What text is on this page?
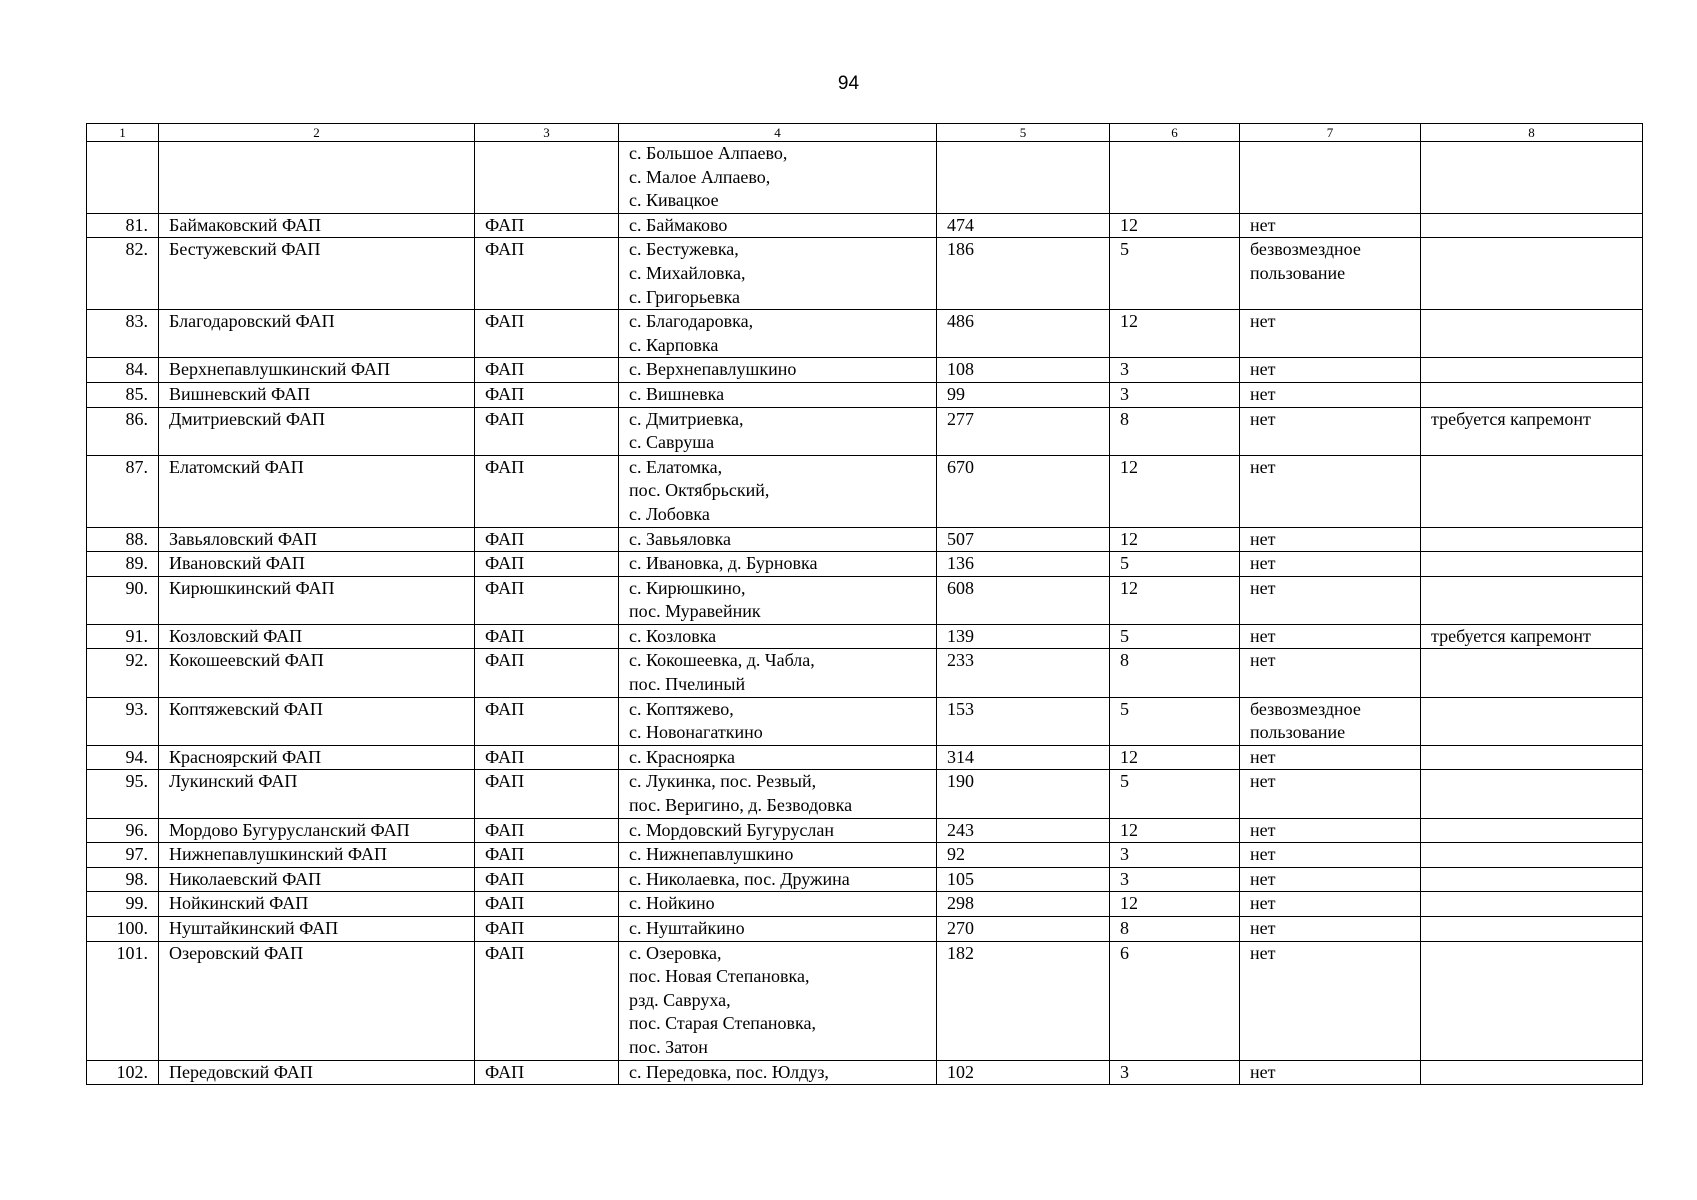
94
1	2	3	4	5	6	7	8
			с. Большое Алпаево,
с. Малое Алпаево,
с. Кивацкое				
81.	Баймаковский ФАП	ФАП	с. Баймаково	474	12	нет	
82.	Бестужевский ФАП	ФАП	с. Бестужевка,
с. Михайловка,
с. Григорьевка	186	5	безвозмездное
пользование	
83.	Благодаровский ФАП	ФАП	с. Благодаровка,
с. Карповка	486	12	нет	
84.	Верхнепавлушкинский ФАП	ФАП	с. Верхнепавлушкино	108	3	нет	
85.	Вишневский ФАП	ФАП	с. Вишневка	99	3	нет	
86.	Дмитриевский ФАП	ФАП	с. Дмитриевка,
с. Савруша	277	8	нет	требуется капремонт
87.	Елатомский ФАП	ФАП	с. Елатомка,
пос. Октябрьский,
с. Лобовка	670	12	нет	
88.	Завьяловский ФАП	ФАП	с. Завьяловка	507	12	нет	
89.	Ивановский ФАП	ФАП	с. Ивановка, д. Бурновка	136	5	нет	
90.	Кирюшкинский ФАП	ФАП	с. Кирюшкино,
пос. Муравейник	608	12	нет	
91.	Козловский ФАП	ФАП	с. Козловка	139	5	нет	требуется капремонт
92.	Кокошеевский ФАП	ФАП	с. Кокошеевка, д. Чабла,
пос. Пчелиный	233	8	нет	
93.	Коптяжевский ФАП	ФАП	с. Коптяжево,
с. Новонагаткино	153	5	безвозмездное
пользование	
94.	Красноярский ФАП	ФАП	с. Красноярка	314	12	нет	
95.	Лукинский ФАП	ФАП	с. Лукинка, пос. Резвый,
пос. Веригино, д. Безводовка	190	5	нет	
96.	Мордово Бугурусланский ФАП	ФАП	с. Мордовский Бугуруслан	243	12	нет	
97.	Нижнепавлушкинский ФАП	ФАП	с. Нижнепавлушкино	92	3	нет	
98.	Николаевский ФАП	ФАП	с. Николаевка, пос. Дружина	105	3	нет	
99.	Нойкинский ФАП	ФАП	с. Нойкино	298	12	нет	
100.	Нуштайкинский ФАП	ФАП	с. Нуштайкино	270	8	нет	
101.	Озеровский ФАП	ФАП	с. Озеровка,
пос. Новая Степановка,
рзд. Савруха,
пос. Старая Степановка,
пос. Затон	182	6	нет	
102.	Передовский ФАП	ФАП	с. Передовка, пос. Юлдуз,	102	3	нет	
